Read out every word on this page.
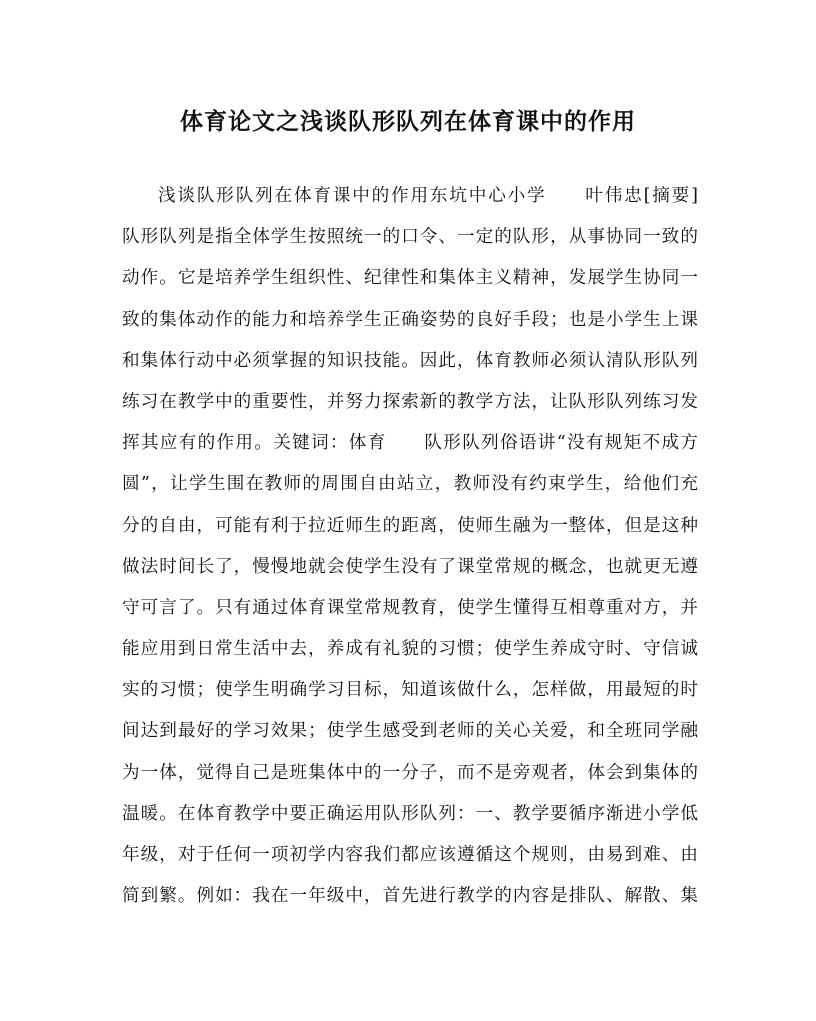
体育论文之浅谈队形队列在体育课中的作用
浅谈队形队列在体育课中的作用东坑中心小学　　叶伟忠[摘要]
队形队列是指全体学生按照统一的口令、一定的队形，从事协同一致的
动作。它是培养学生组织性、纪律性和集体主义精神，发展学生协同一
致的集体动作的能力和培养学生正确姿势的良好手段；也是小学生上课
和集体行动中必须掌握的知识技能。因此，体育教师必须认清队形队列
练习在教学中的重要性，并努力探索新的教学方法，让队形队列练习发
挥其应有的作用。关键词：体育　　队形队列俗语讲“没有规矩不成方
圆”，让学生围在教师的周围自由站立，教师没有约束学生，给他们充
分的自由，可能有利于拉近师生的距离，使师生融为一整体，但是这种
做法时间长了，慢慢地就会使学生没有了课堂常规的概念，也就更无遵
守可言了。只有通过体育课堂常规教育，使学生懂得互相尊重对方，并
能应用到日常生活中去，养成有礼貌的习惯；使学生养成守时、守信诚
实的习惯；使学生明确学习目标，知道该做什么，怎样做，用最短的时
间达到最好的学习效果；使学生感受到老师的关心关爱，和全班同学融
为一体，觉得自己是班集体中的一分子，而不是旁观者，体会到集体的
温暖。在体育教学中要正确运用队形队列：一、教学要循序渐进小学低
年级，对于任何一项初学内容我们都应该遵循这个规则，由易到难、由
简到繁。例如：我在一年级中，首先进行教学的内容是排队、解散、集
